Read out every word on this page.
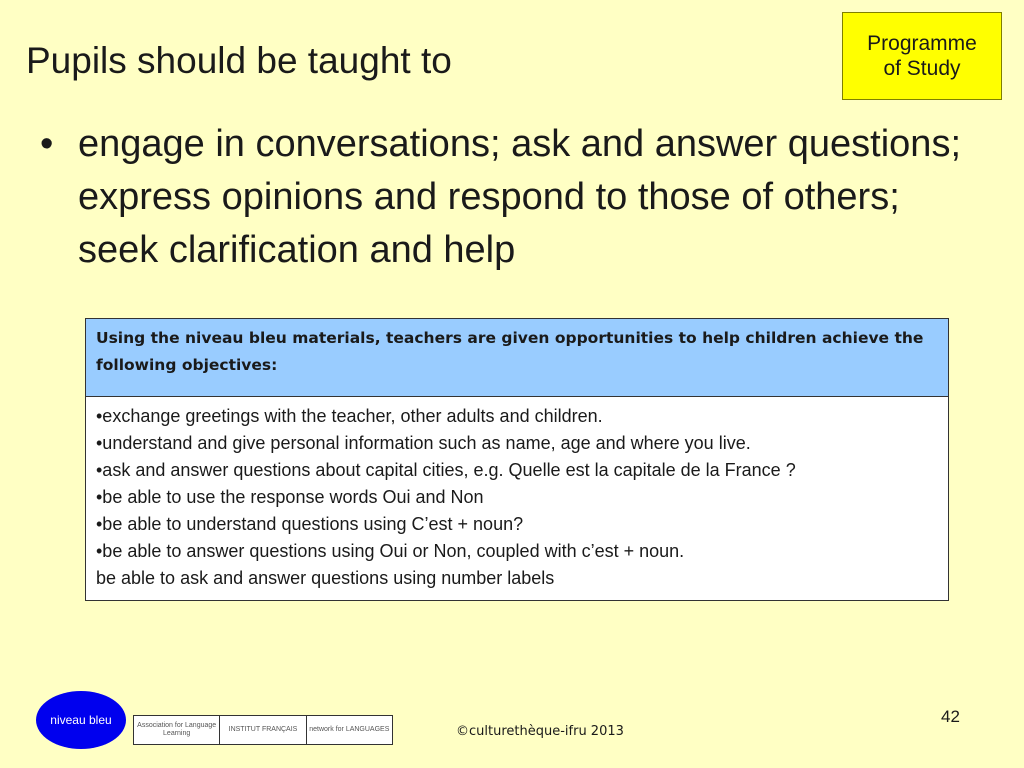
Pupils should be taught to	Programme
of Study
• engage in conversations; ask and answer questions; express opinions and respond to those of others; seek clarification and help
Using the niveau bleu materials, teachers are given opportunities to help children achieve the following objectives:
•exchange greetings with the teacher, other adults and children.
•understand and give personal information such as name, age and where you live.
•ask and answer questions about capital cities, e.g. Quelle est la capitale de la France ?
•be able to use the response words Oui and Non
•be able to understand questions using C’est + noun?
•be able to answer questions using Oui or Non, coupled with c’est + noun.
be able to ask and answer questions using number labels
niveau bleu	Association for Language Learning
INSTITUT FRANÇAIS	network for LANGUAGES	©culturethèque-ifru 2013
42
